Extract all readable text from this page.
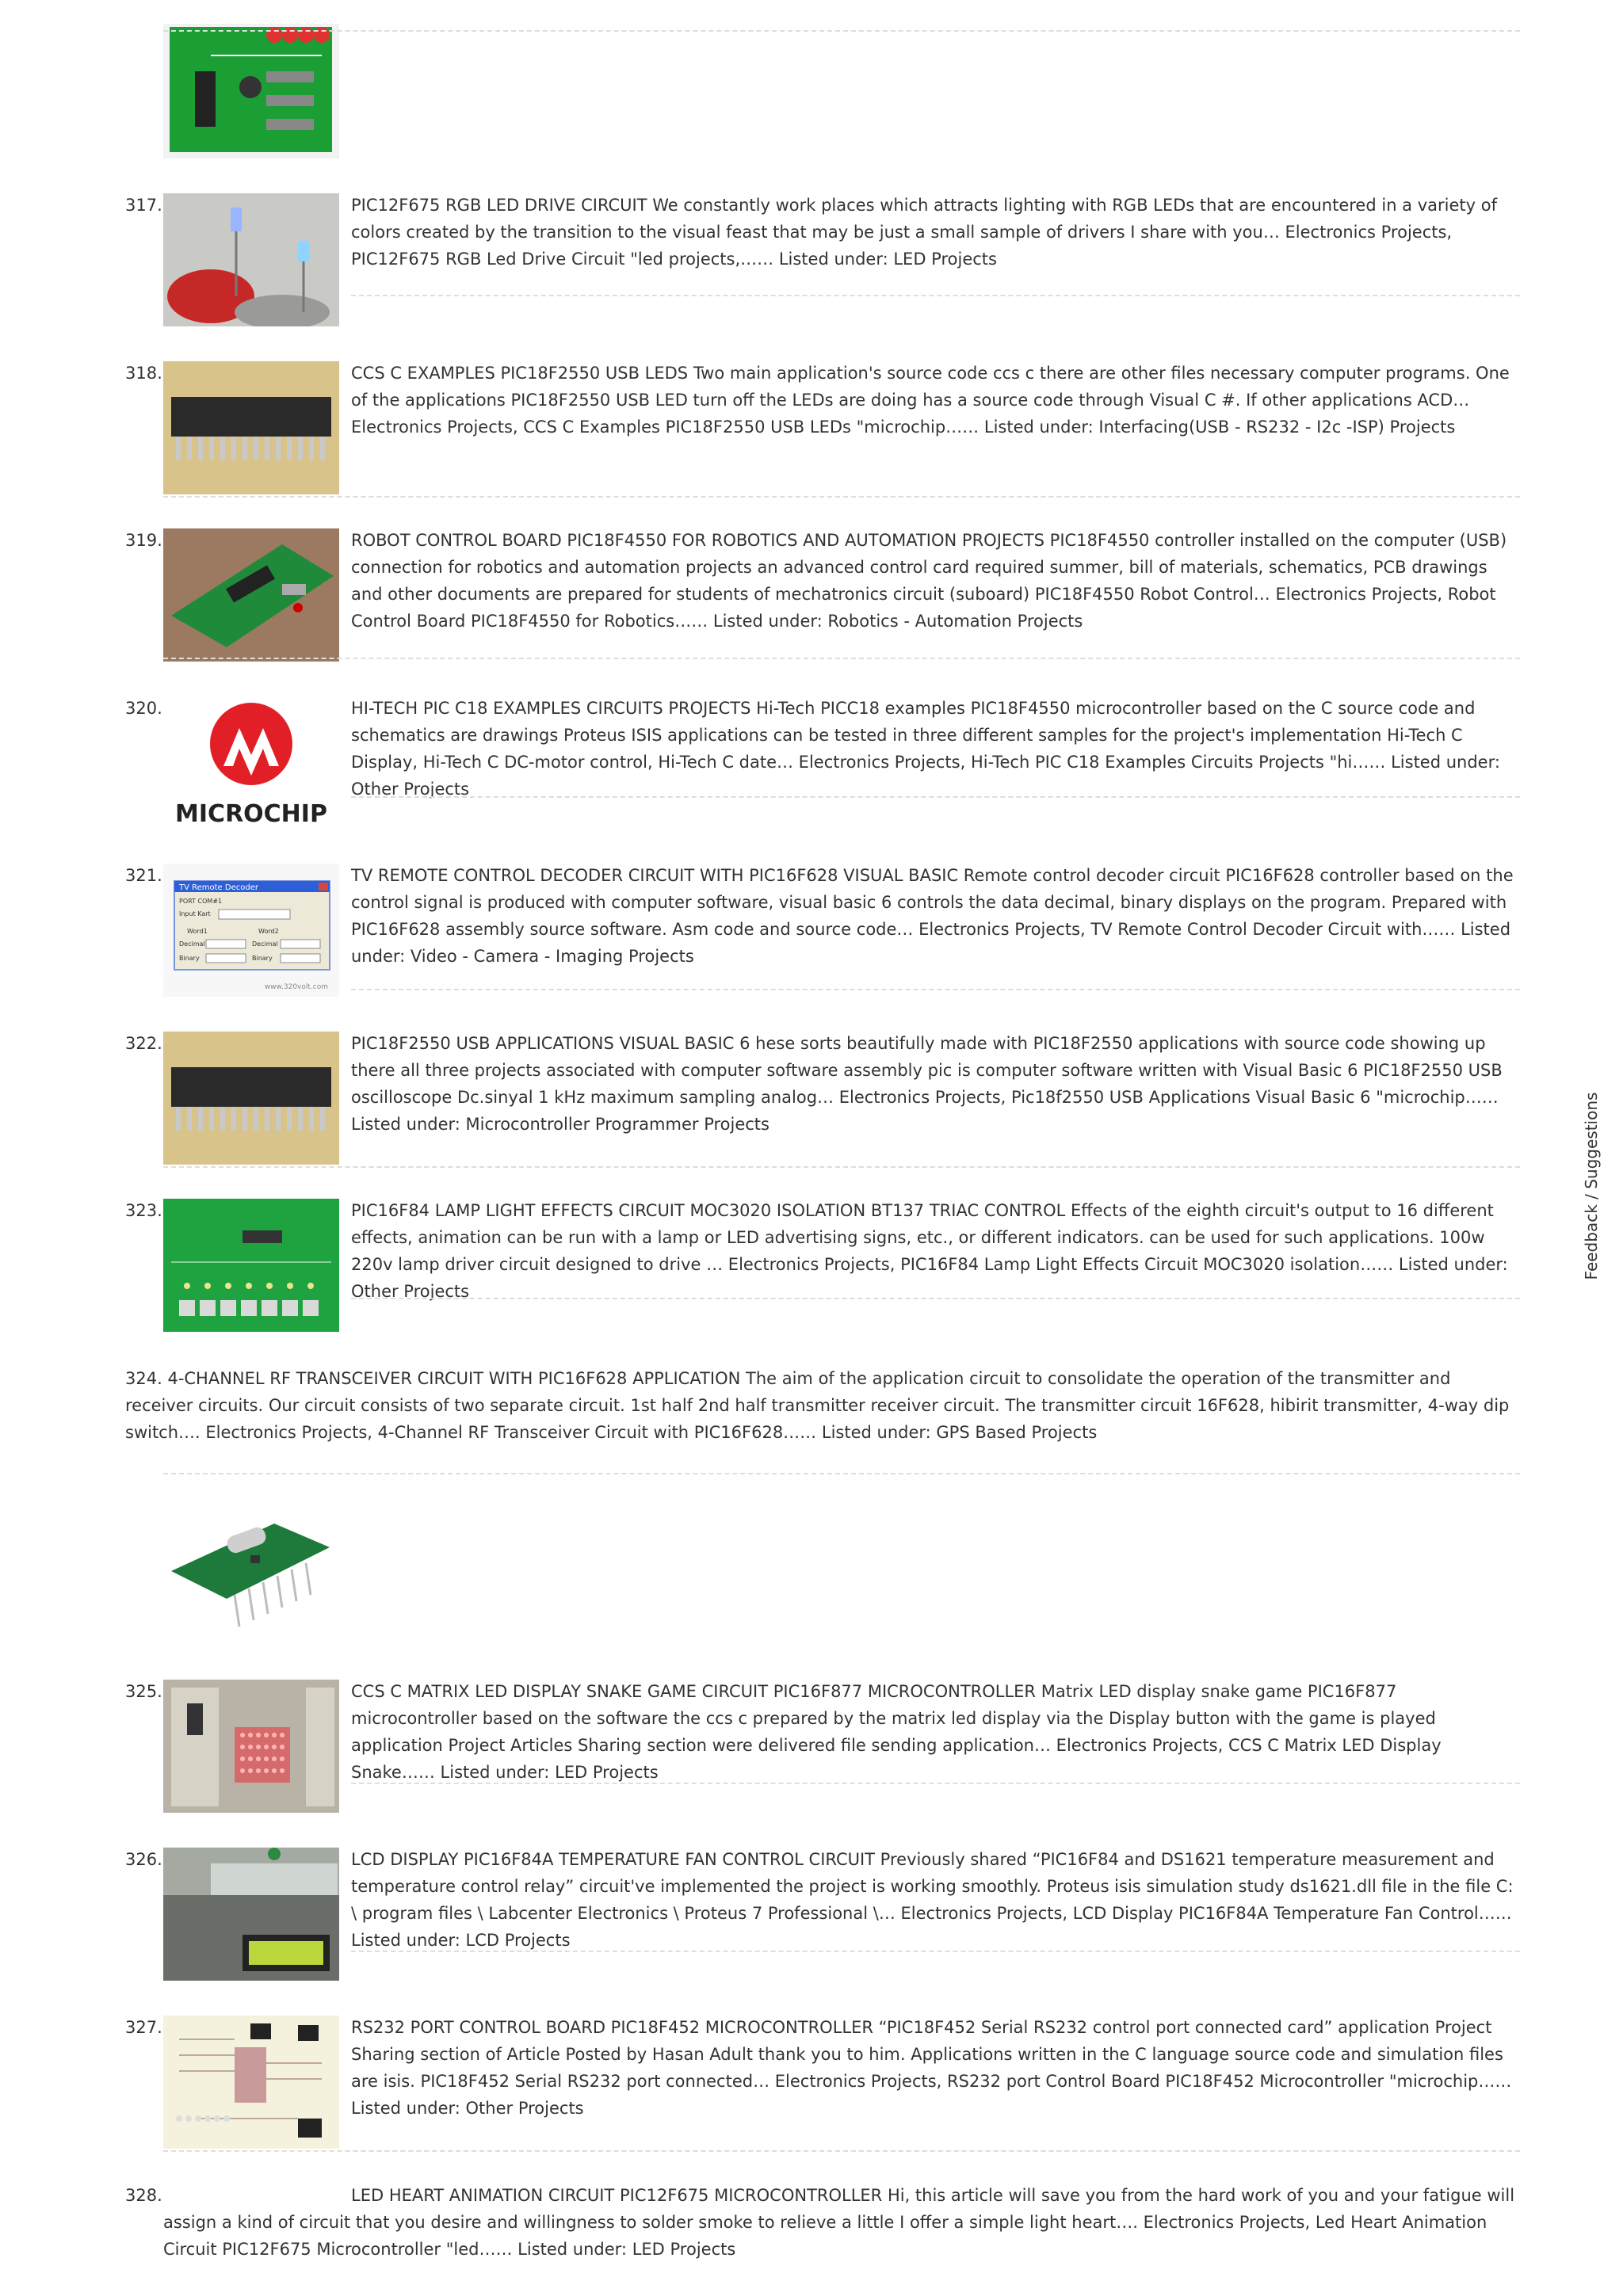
317.	PIC12F675 RGB LED DRIVE CIRCUIT We constantly work places which attracts lighting with RGB LEDs that are encountered in a variety of colors created by the transition to the visual feast that may be just a small sample of drivers I share with you… Electronics Projects, PIC12F675 RGB Led Drive Circuit "led projects,…… Listed under: LED Projects

318.	CCS C EXAMPLES PIC18F2550 USB LEDS Two main application's source code ccs c there are other files necessary computer programs. One of the applications PIC18F2550 USB LED turn off the LEDs are doing has a source code through Visual C #. If other applications ACD… Electronics Projects, CCS C Examples PIC18F2550 USB LEDs "microchip…… Listed under: Interfacing(USB - RS232 - I2c -ISP) Projects

319.	ROBOT CONTROL BOARD PIC18F4550 FOR ROBOTICS AND AUTOMATION PROJECTS PIC18F4550 controller installed on the computer (USB) connection for robotics and automation projects an advanced control card required summer, bill of materials, schematics, PCB drawings and other documents are prepared for students of mechatronics circuit (suboard) PIC18F4550 Robot Control… Electronics Projects, Robot Control Board PIC18F4550 for Robotics…… Listed under: Robotics - Automation Projects

320.
MICROCHIP

HI-TECH PIC C18 EXAMPLES CIRCUITS PROJECTS Hi-Tech PICC18 examples PIC18F4550 microcontroller based on the C source code and schematics are drawings Proteus ISIS applications can be tested in three different samples for the project's implementation Hi-Tech C Display, Hi-Tech C DC-motor control, Hi-Tech C date… Electronics Projects, Hi-Tech PIC C18 Examples Circuits Projects "hi…… Listed under: Other Projects

321.
TV Remote Decoder
PORT COM#1
Input Kart
Word1	Word2
Decimal	Decimal
Binary	Binary
www.320volt.com

TV REMOTE CONTROL DECODER CIRCUIT WITH PIC16F628 VISUAL BASIC Remote control decoder circuit PIC16F628 controller based on the control signal is produced with computer software, visual basic 6 controls the data decimal, binary displays on the program. Prepared with PIC16F628 assembly source software. Asm code and source code… Electronics Projects, TV Remote Control Decoder Circuit with…… Listed under: Video - Camera - Imaging Projects

322.	PIC18F2550 USB APPLICATIONS VISUAL BASIC 6 hese sorts beautifully made with PIC18F2550 applications with source code showing up there all three projects associated with computer software assembly pic is computer software written with Visual Basic 6 PIC18F2550 USB oscilloscope Dc.sinyal 1 kHz maximum sampling analog… Electronics Projects, Pic18f2550 USB Applications Visual Basic 6 "microchip…… Listed under: Microcontroller Programmer Projects

323.	PIC16F84 LAMP LIGHT EFFECTS CIRCUIT MOC3020 ISOLATION BT137 TRIAC CONTROL Effects of the eighth circuit's output to 16 different effects, animation can be run with a lamp or LED advertising signs, etc., or different indicators. can be used for such applications. 100w 220v lamp driver circuit designed to drive … Electronics Projects, PIC16F84 Lamp Light Effects Circuit MOC3020 isolation…… Listed under: Other Projects

324. 4-CHANNEL RF TRANSCEIVER CIRCUIT WITH PIC16F628 APPLICATION The aim of the application circuit to consolidate the operation of the transmitter and receiver circuits. Our circuit consists of two separate circuit. 1st half 2nd half transmitter receiver circuit. The transmitter circuit 16F628, hibirit transmitter, 4-way dip switch…. Electronics Projects, 4-Channel RF Transceiver Circuit with PIC16F628…… Listed under: GPS Based Projects

325.	CCS C MATRIX LED DISPLAY SNAKE GAME CIRCUIT PIC16F877 MICROCONTROLLER Matrix LED display snake game PIC16F877 microcontroller based on the software the ccs c prepared by the matrix led display via the Display button with the game is played application Project Articles Sharing section were delivered file sending application… Electronics Projects, CCS C Matrix LED Display Snake…… Listed under: LED Projects

326.	LCD DISPLAY PIC16F84A TEMPERATURE FAN CONTROL CIRCUIT Previously shared “PIC16F84 and DS1621 temperature measurement and temperature control relay” circuit've implemented the project is working smoothly. Proteus isis simulation study ds1621.dll file in the file C: \ program files \ Labcenter Electronics \ Proteus 7 Professional \… Electronics Projects, LCD Display PIC16F84A Temperature Fan Control…… Listed under: LCD Projects

327.	RS232 PORT CONTROL BOARD PIC18F452 MICROCONTROLLER “PIC18F452 Serial RS232 control port connected card” application Project Sharing section of Article Posted by Hasan Adult thank you to him. Applications written in the C language source code and simulation files are isis. PIC18F452 Serial RS232 port connected… Electronics Projects, RS232 port Control Board PIC18F452 Microcontroller "microchip…… Listed under: Other Projects

328.	LED HEART ANIMATION CIRCUIT PIC12F675 MICROCONTROLLER Hi, this article will save you from the hard work of you and your fatigue will assign a kind of circuit that you desire and willingness to solder smoke to relieve a little I offer a simple light heart…. Electronics Projects, Led Heart Animation Circuit PIC12F675 Microcontroller "led…… Listed under: LED Projects

Feedback / Suggestions
